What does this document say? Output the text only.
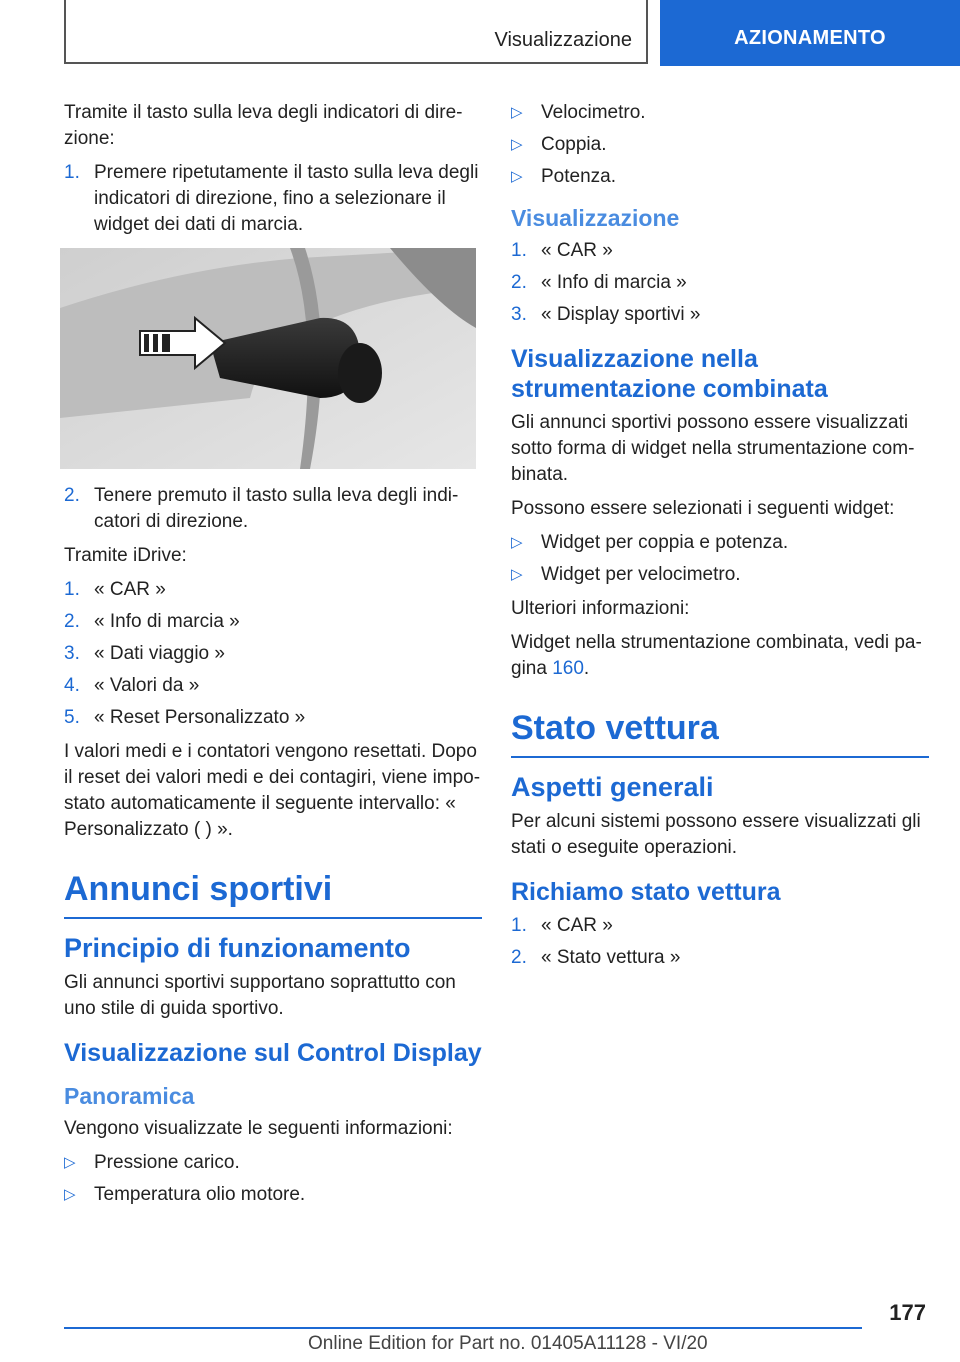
Visualizzazione	AZIONAMENTO

Tramite il tasto sulla leva degli indicatori di dire-zione:

1. Premere ripetutamente il tasto sulla leva degli indicatori di direzione, fino a selezionare il widget dei dati di marcia.
2. Tenere premuto il tasto sulla leva degli indi-catori di direzione.

Tramite iDrive:

1. « CAR »
2. « Info di marcia »
3. « Dati viaggio »
4. « Valori da »
5. « Reset Personalizzato »

I valori medi e i contatori vengono resettati. Dopo il reset dei valori medi e dei contagiri, viene impo-stato automaticamente il seguente intervallo: « Personalizzato ( ) ».

Annunci sportivi
Principio di funzionamento

Gli annunci sportivi supportano soprattutto con uno stile di guida sportivo.

Visualizzazione sul Control Display
Panoramica

Vengono visualizzate le seguenti informazioni:

▷ Pressione carico.
▷ Temperatura olio motore.
▷ Velocimetro.
▷ Coppia.
▷ Potenza.
Visualizzazione
1. « CAR »
2. « Info di marcia »
3. « Display sportivi »
Visualizzazione nella strumentazione combinata

Gli annunci sportivi possono essere visualizzati sotto forma di widget nella strumentazione com-binata.

Possono essere selezionati i seguenti widget:

▷ Widget per coppia e potenza.
▷ Widget per velocimetro.

Ulteriori informazioni:

Widget nella strumentazione combinata, vedi pa-gina 160.

Stato vettura
Aspetti generali

Per alcuni sistemi possono essere visualizzati gli stati o eseguite operazioni.

Richiamo stato vettura
1. « CAR »
2. « Stato vettura »
177
Online Edition for Part no. 01405A11128 - VI/20
